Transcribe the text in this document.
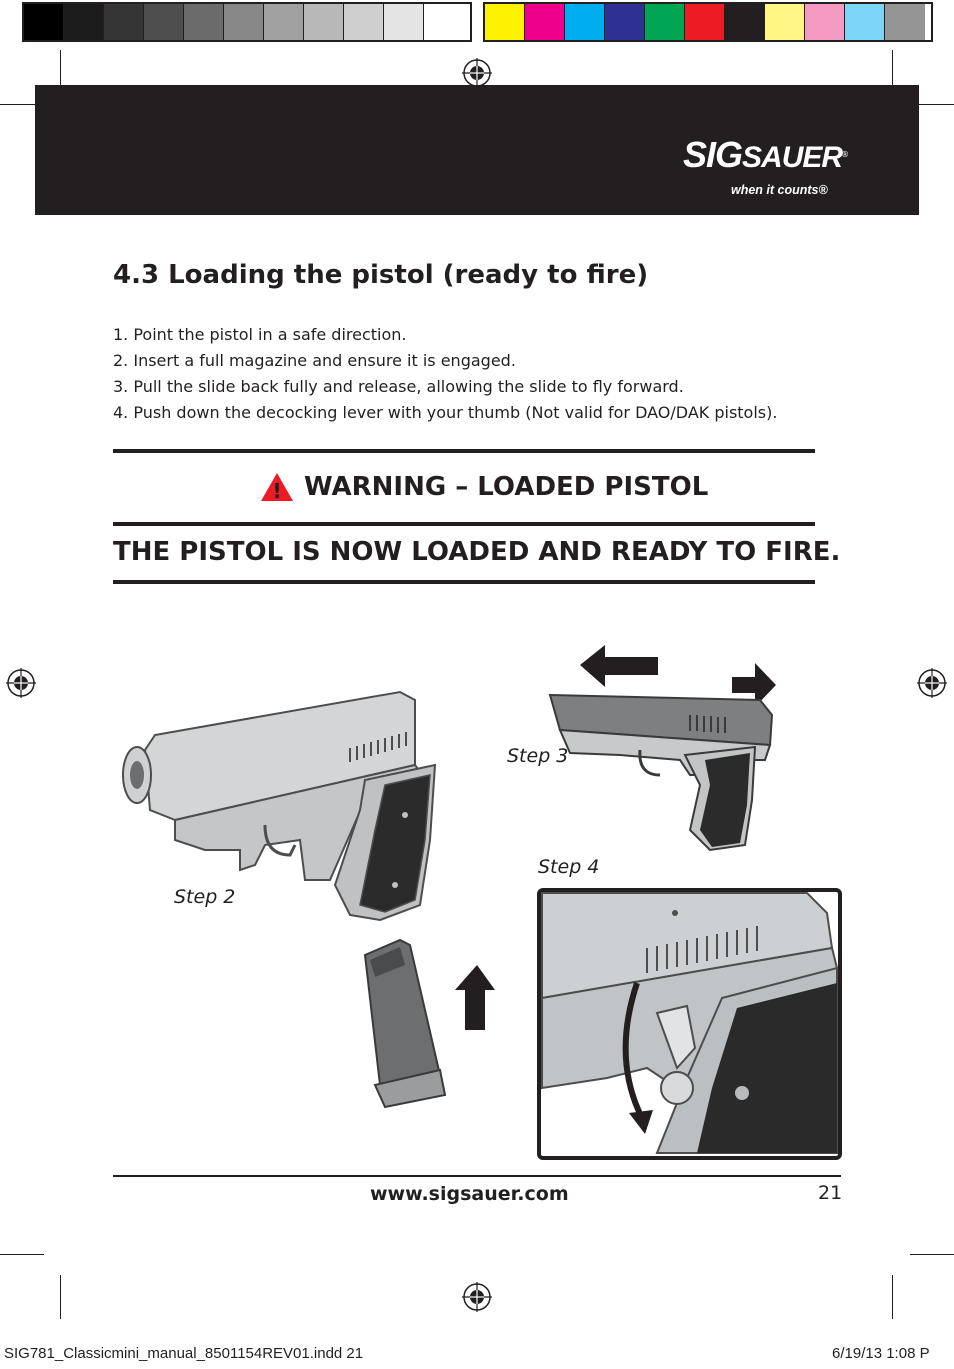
SIGSAUER
®
when it counts®
4.3 Loading the pistol (ready to fire)
1. Point the pistol in a safe direction.
2. Insert a full magazine and ensure it is engaged.
3. Pull the slide back fully and release, allowing the slide to fly forward.
4. Push down the decocking lever with your thumb (Not valid for DAO/DAK pistols).
! WARNING – LOADED PISTOL
THE PISTOL IS NOW LOADED AND READY TO FIRE.
Step 2
Step 3
Step 4
www.sigsauer.com	21
SIG781_Classicmini_manual_8501154REV01.indd 21	6/19/13 1:08 P
